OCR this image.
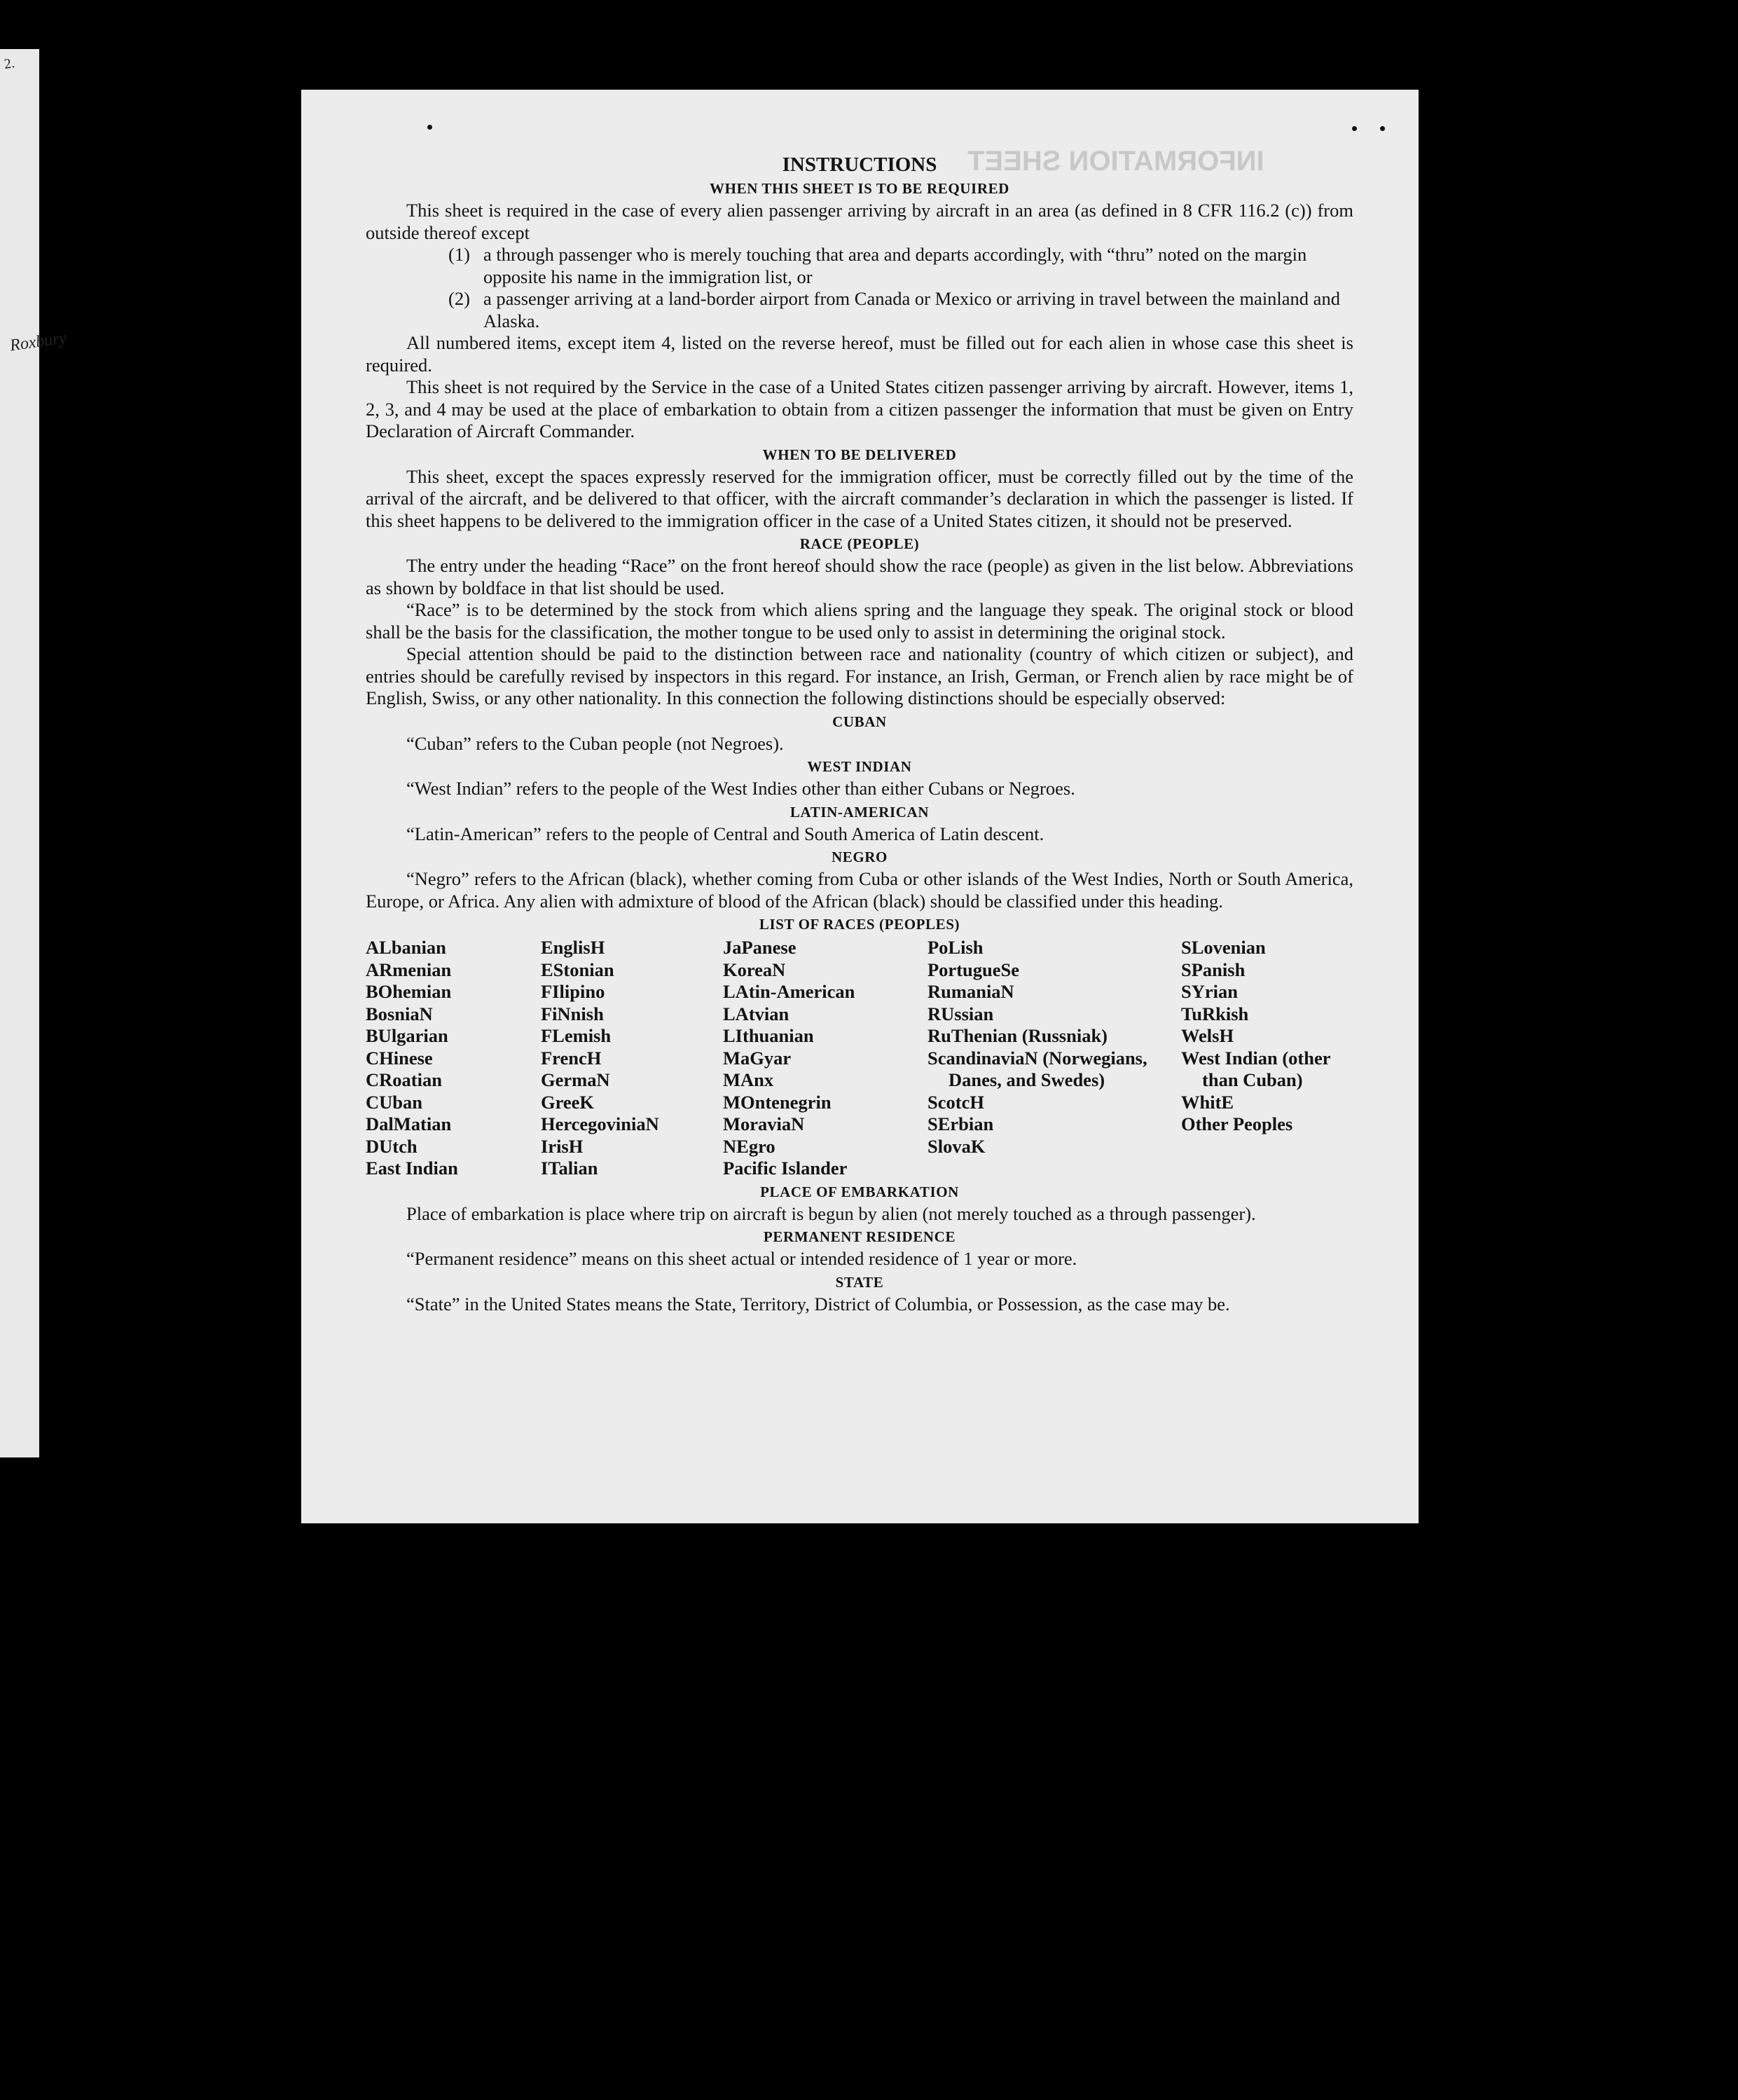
2.
Roxbury
INFORMATION SHEET
INSTRUCTIONS
WHEN THIS SHEET IS TO BE REQUIRED

This sheet is required in the case of every alien passenger arriving by aircraft in an area (as defined in 8 CFR 116.2 (c)) from outside thereof except

(1) a through passenger who is merely touching that area and departs accordingly, with “thru” noted on the margin opposite his name in the immigration list, or
(2) a passenger arriving at a land-border airport from Canada or Mexico or arriving in travel between the mainland and Alaska.

All numbered items, except item 4, listed on the reverse hereof, must be filled out for each alien in whose case this sheet is required.

This sheet is not required by the Service in the case of a United States citizen passenger arriving by aircraft. However, items 1, 2, 3, and 4 may be used at the place of embarkation to obtain from a citizen passenger the information that must be given on Entry Declaration of Aircraft Commander.

WHEN TO BE DELIVERED

This sheet, except the spaces expressly reserved for the immigration officer, must be correctly filled out by the time of the arrival of the aircraft, and be delivered to that officer, with the aircraft commander’s declaration in which the passenger is listed. If this sheet happens to be delivered to the immigration officer in the case of a United States citizen, it should not be preserved.

RACE (PEOPLE)

The entry under the heading “Race” on the front hereof should show the race (people) as given in the list below. Abbreviations as shown by boldface in that list should be used.

“Race” is to be determined by the stock from which aliens spring and the language they speak. The original stock or blood shall be the basis for the classification, the mother tongue to be used only to assist in determining the original stock.

Special attention should be paid to the distinction between race and nationality (country of which citizen or subject), and entries should be carefully revised by inspectors in this regard. For instance, an Irish, German, or French alien by race might be of English, Swiss, or any other nationality. In this connection the following distinctions should be especially observed:

CUBAN

“Cuban” refers to the Cuban people (not Negroes).

WEST INDIAN

“West Indian” refers to the people of the West Indies other than either Cubans or Negroes.

LATIN-AMERICAN

“Latin-American” refers to the people of Central and South America of Latin descent.

NEGRO

“Negro” refers to the African (black), whether coming from Cuba or other islands of the West Indies, North or South America, Europe, or Africa. Any alien with admixture of blood of the African (black) should be classified under this heading.

LIST OF RACES (PEOPLES)
ALbanian
ARmenian
BOhemian
BosniaN
BUlgarian
CHinese
CRoatian
CUban
DalMatian
DUtch
East Indian
EnglisH
EStonian
FIlipino
FiNnish
FLemish
FrencH
GermaN
GreeK
HercegoviniaN
IrisH
ITalian
JaPanese
KoreaN
LAtin-American
LAtvian
LIthuanian
MaGyar
MAnx
MOntenegrin
MoraviaN
NEgro
Pacific Islander
PoLish
PortugueSe
RumaniaN
RUssian
RuThenian (Russniak)
ScandinaviaN (Norwegians, Danes, and Swedes)
ScotcH
SErbian
SlovaK
SLovenian
SPanish
SYrian
TuRkish
WelsH
West Indian (other than Cuban)
WhitE
Other Peoples
PLACE OF EMBARKATION

Place of embarkation is place where trip on aircraft is begun by alien (not merely touched as a through passenger).

PERMANENT RESIDENCE

“Permanent residence” means on this sheet actual or intended residence of 1 year or more.

STATE

“State” in the United States means the State, Territory, District of Columbia, or Possession, as the case may be.
